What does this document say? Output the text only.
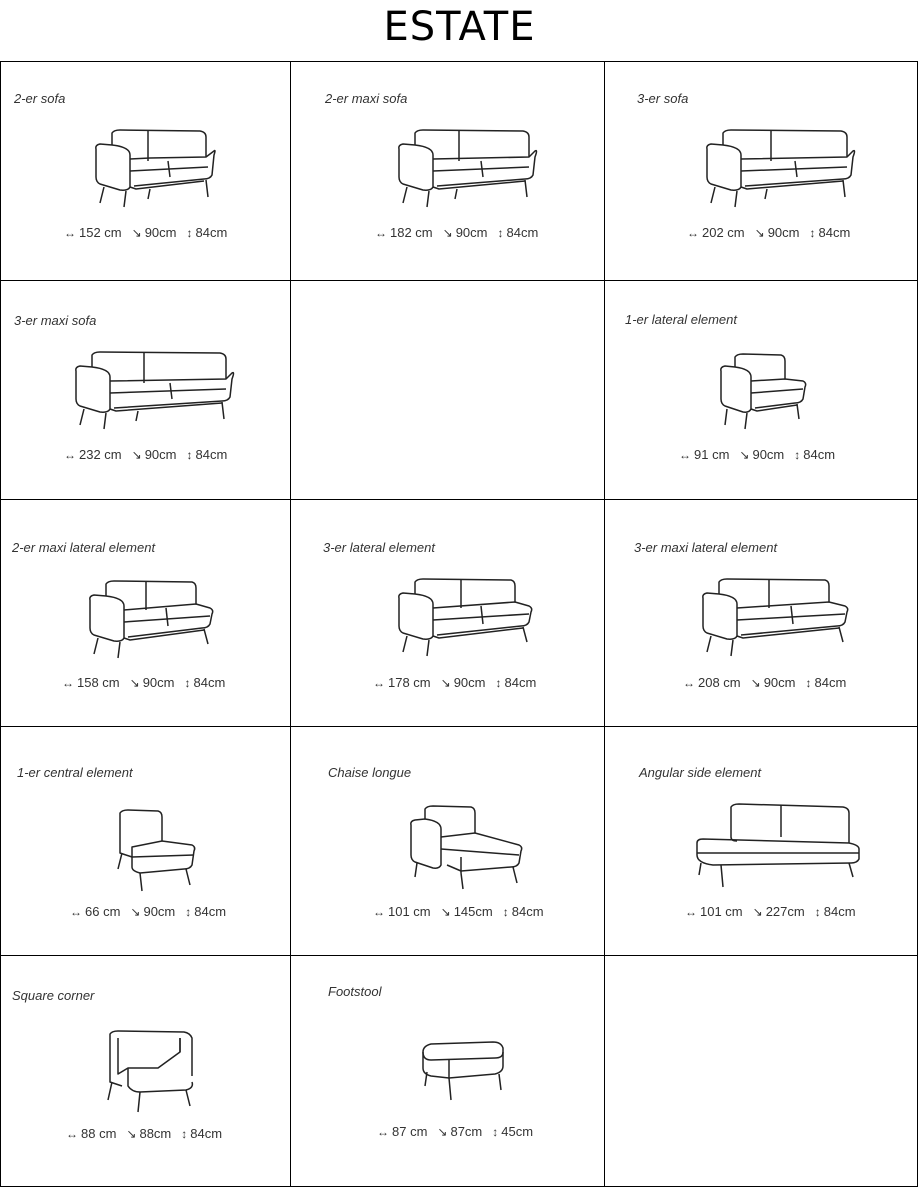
ESTATE
2-er sofa
↔ 152 cm ↘ 90cm ↕ 84cm
2-er maxi sofa
↔ 182 cm ↘ 90cm ↕ 84cm
3-er sofa
↔ 202 cm ↘ 90cm ↕ 84cm
3-er maxi sofa
↔ 232 cm ↘ 90cm ↕ 84cm
1-er lateral element
↔ 91 cm ↘ 90cm ↕ 84cm
2-er maxi lateral element
↔ 158 cm ↘ 90cm ↕ 84cm
3-er lateral element
↔ 178 cm ↘ 90cm ↕ 84cm
3-er maxi lateral element
↔ 208 cm ↘ 90cm ↕ 84cm
1-er central element
↔ 66 cm ↘ 90cm ↕ 84cm
Chaise longue
↔ 101 cm ↘ 145cm ↕ 84cm
Angular side element
↔ 101 cm ↘ 227cm ↕ 84cm
Square corner
↔ 88 cm ↘ 88cm ↕ 84cm
Footstool
↔ 87 cm ↘ 87cm ↕ 45cm
